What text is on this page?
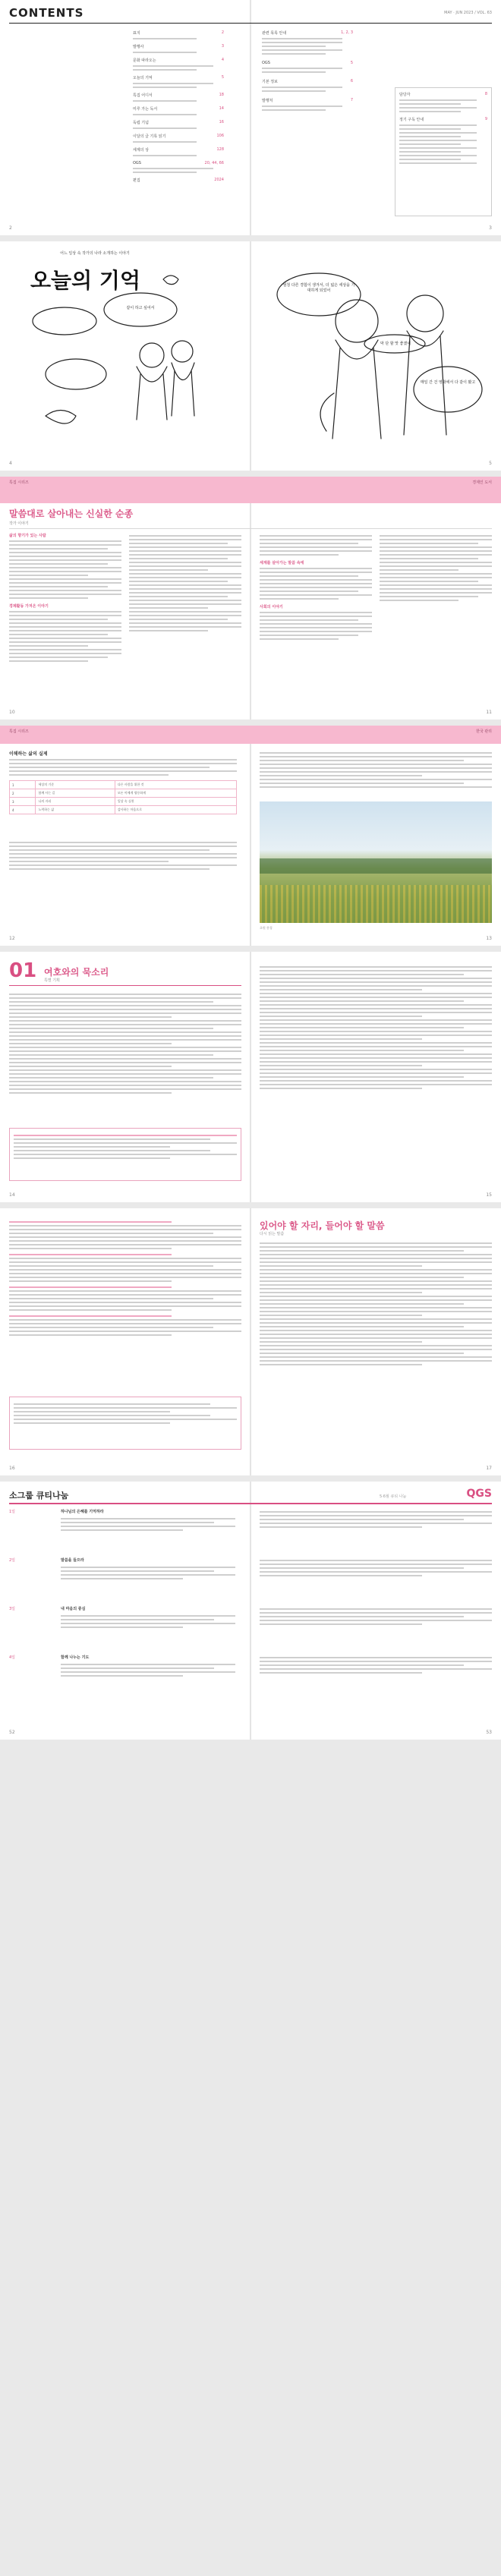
CONTENTS	MAY · JUN 2023 / VOL. 63
표지	2
발행사	3
문화 따라오는	4
오늘의 기억	5
특집 어디서	18
미루 가는 독서	14
독립 기념	16
이달의 글 기록 읽기	106
세계의 상	128
OGS	20, 44, 66
편집	2024
관련 목록 안내	1, 2, 3
OGS	5
기본 정보	6
발행처	7
담당자	8
정기 구독 안내	9
2	3
어느 일상 속 작가의 나라 소개하는 이야기
오늘의 기억	엄청 다른 경험이 생겨서, 더 넓은 세상을 기대하게 되었어
막 단 할 맛 좋겠어
매일 간 건 영화에서 다 같이 봤고
같이 하고 싶어서
4	5
특집 시리즈	경제인 도서
말씀대로 살아내는 신실한 순종
작가 이야기
삶의 향기가 있는 사람
경제활동 가져온 이야기
세계를 살아가는 말씀 속에
사회의 이야기
10	11
특집 시리즈	한국 관리
이해하는 삶의 실제
1	세상의 기준	다른 사람을 위한 것
2	함께 사는 길	모든 이에게 평등하게
3	나의 자리	일상 속 실천
4	노력하는 삶	감사하는 마음으로
초원 풍경
12	13
01 여호와의 묵소리
특별 기획
14	15
있어야 할 자리, 들어야 할 말씀
다시 읽는 말씀
16	17
소그룹 큐티나눔	5·6월 큐티 나눔	QGS
1일	하나님의 은혜를 기억하라
2일	말씀을 들으라
3일	내 마음의 중심
4일	함께 나누는 기도
52	53
